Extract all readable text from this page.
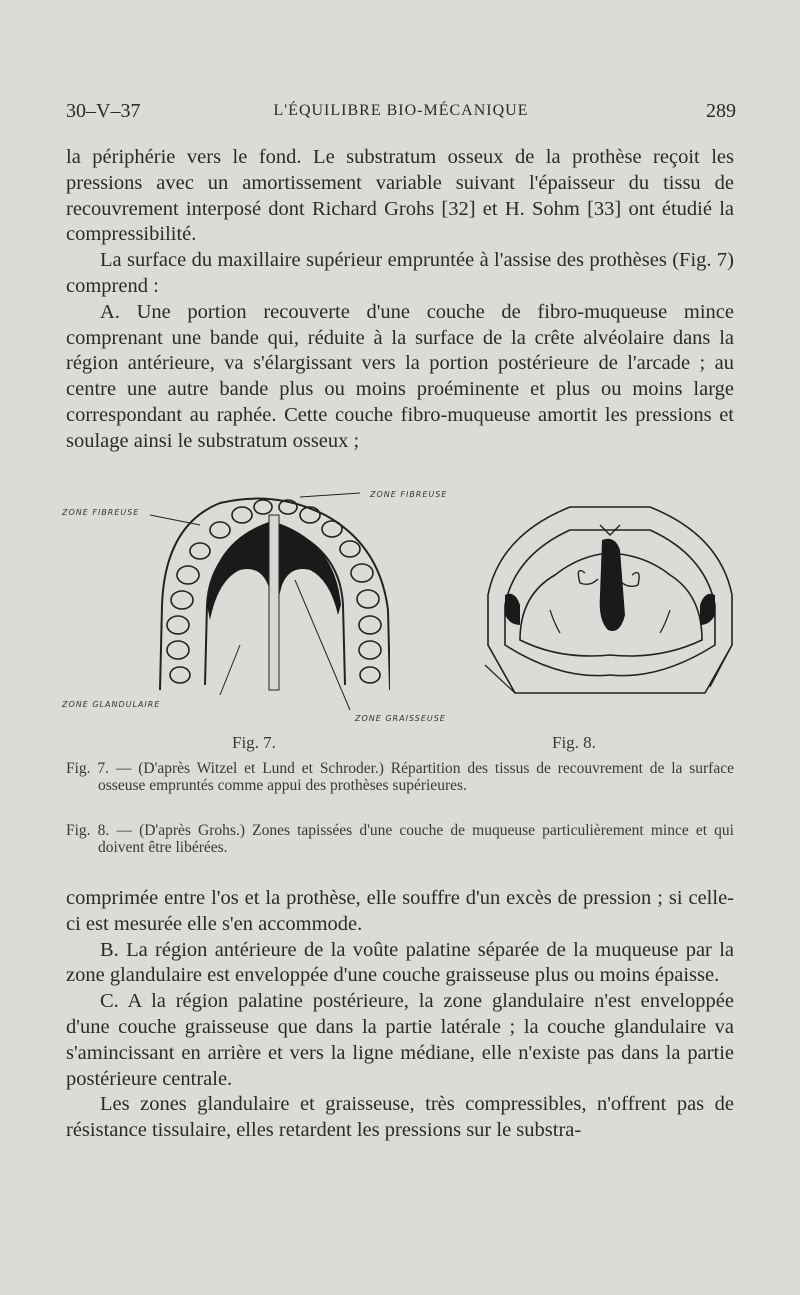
30–V–37	L'ÉQUILIBRE BIO-MÉCANIQUE	289

la périphérie vers le fond. Le substratum osseux de la prothèse reçoit les pressions avec un amortissement variable suivant l'épaisseur du tissu de recouvrement interposé dont Richard Grohs [32] et H. Sohm [33] ont étudié la compressibilité.

La surface du maxillaire supérieur empruntée à l'assise des prothèses (Fig. 7) comprend :

A. Une portion recouverte d'une couche de fibro-muqueuse mince comprenant une bande qui, réduite à la surface de la crête alvéolaire dans la région antérieure, va s'élargissant vers la portion postérieure de l'arcade ; au centre une autre bande plus ou moins proéminente et plus ou moins large correspondant au raphée. Cette couche fibro-muqueuse amortit les pressions et soulage ainsi le substratum osseux ;

ZONE FIBREUSE
ZONE FIBREUSE
ZONE GLANDULAIRE
ZONE GRAISSEUSE
Fig. 7.	Fig. 8.
Fig. 7. — (D'après Witzel et Lund et Schroder.) Répartition des tissus de recouvrement de la surface osseuse empruntés comme appui des prothèses supérieures.
Fig. 8. — (D'après Grohs.) Zones tapissées d'une couche de muqueuse particulièrement mince et qui doivent être libérées.

comprimée entre l'os et la prothèse, elle souffre d'un excès de pression ; si celle-ci est mesurée elle s'en accommode.

B. La région antérieure de la voûte palatine séparée de la muqueuse par la zone glandulaire est enveloppée d'une couche graisseuse plus ou moins épaisse.

C. A la région palatine postérieure, la zone glandulaire n'est enveloppée d'une couche graisseuse que dans la partie latérale ; la couche glandulaire va s'amincissant en arrière et vers la ligne médiane, elle n'existe pas dans la partie postérieure centrale.

Les zones glandulaire et graisseuse, très compressibles, n'offrent pas de résistance tissulaire, elles retardent les pressions sur le substra-
